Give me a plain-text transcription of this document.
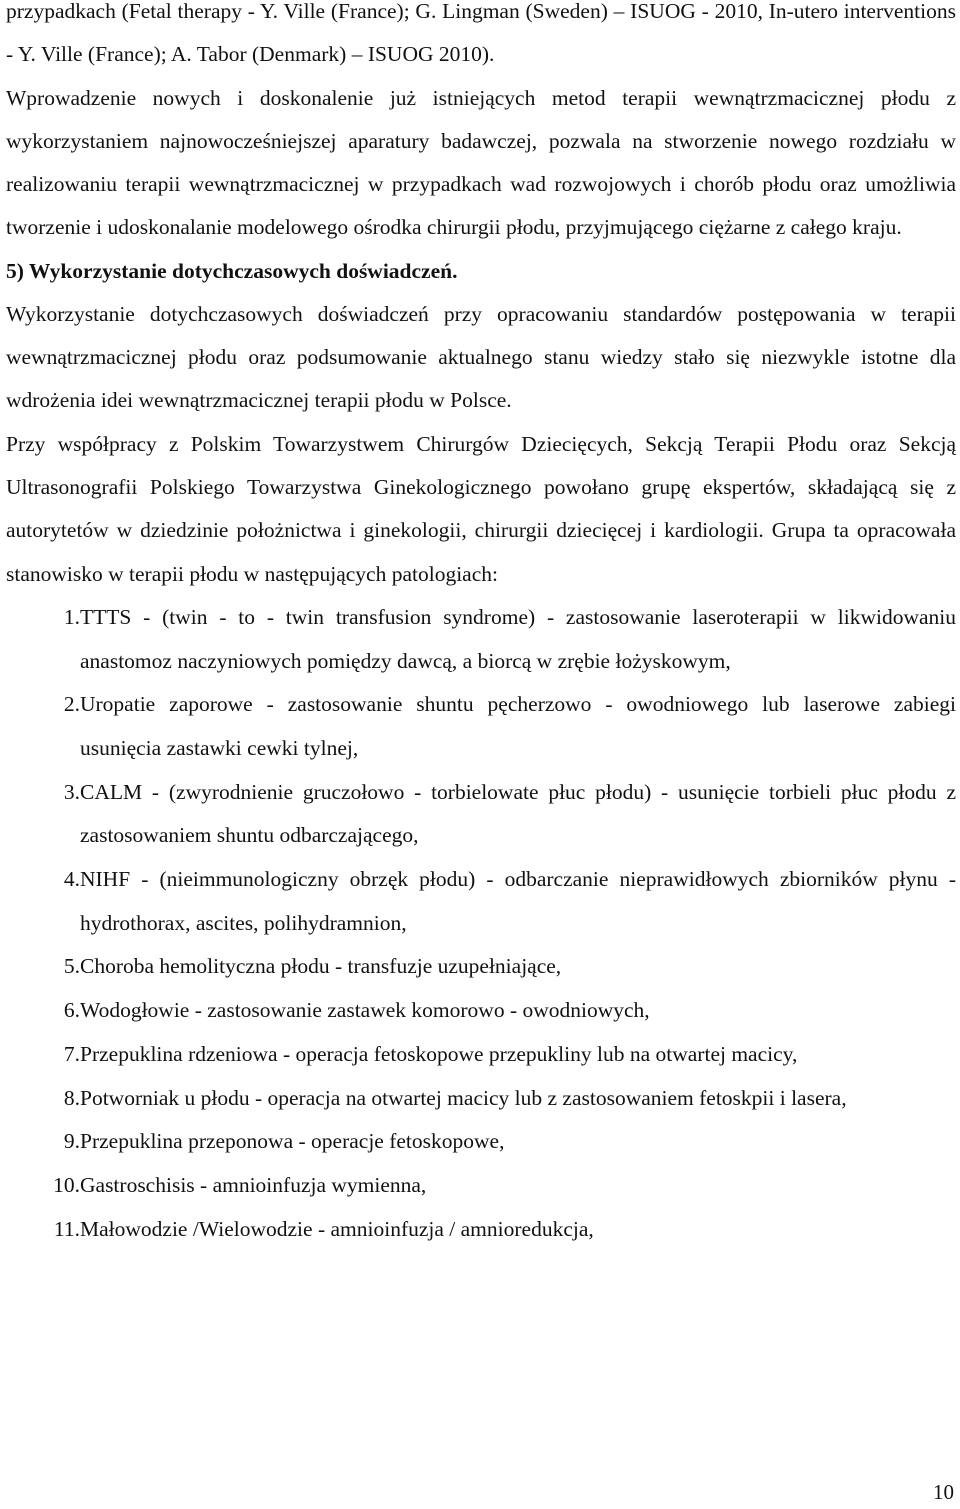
przypadkach (Fetal therapy - Y. Ville (France); G. Lingman (Sweden) – ISUOG - 2010, In-utero interventions - Y. Ville (France); A. Tabor (Denmark) – ISUOG 2010).

Wprowadzenie nowych i doskonalenie już istniejących metod terapii wewnątrzmacicznej płodu z wykorzystaniem najnowocześniejszej aparatury badawczej, pozwala na stworzenie nowego rozdziału w realizowaniu terapii wewnątrzmacicznej w przypadkach wad rozwojowych i chorób płodu oraz umożliwia tworzenie i udoskonalanie modelowego ośrodka chirurgii płodu, przyjmującego ciężarne z całego kraju.

5) Wykorzystanie dotychczasowych doświadczeń.

Wykorzystanie dotychczasowych doświadczeń przy opracowaniu standardów postępowania w terapii wewnątrzmacicznej płodu oraz podsumowanie aktualnego stanu wiedzy stało się niezwykle istotne dla wdrożenia idei wewnątrzmacicznej terapii płodu w Polsce.

Przy współpracy z Polskim Towarzystwem Chirurgów Dziecięcych, Sekcją Terapii Płodu oraz Sekcją Ultrasonografii Polskiego Towarzystwa Ginekologicznego powołano grupę ekspertów, składającą się z autorytetów w dziedzinie położnictwa i ginekologii, chirurgii dziecięcej i kardiologii. Grupa ta opracowała stanowisko w terapii płodu w następujących patologiach:

1. TTTS - (twin - to - twin transfusion syndrome) - zastosowanie laseroterapii w likwidowaniu anastomoz naczyniowych pomiędzy dawcą, a biorcą w zrębie łożyskowym,
2. Uropatie zaporowe - zastosowanie shuntu pęcherzowo - owodniowego lub laserowe zabiegi usunięcia zastawki cewki tylnej,
3. CALM - (zwyrodnienie gruczołowo - torbielowate płuc płodu) - usunięcie torbieli płuc płodu z zastosowaniem shuntu odbarczającego,
4. NIHF - (nieimmunologiczny obrzęk płodu) - odbarczanie nieprawidłowych zbiorników płynu - hydrothorax, ascites, polihydramnion,
5. Choroba hemolityczna płodu - transfuzje uzupełniające,
6. Wodogłowie - zastosowanie zastawek komorowo - owodniowych,
7. Przepuklina rdzeniowa - operacja fetoskopowe przepukliny lub na otwartej macicy,
8. Potworniak u płodu - operacja na otwartej macicy lub z zastosowaniem fetoskpii i lasera,
9. Przepuklina przeponowa - operacje fetoskopowe,
10. Gastroschisis - amnioinfuzja wymienna,
11. Małowodzie /Wielowodzie - amnioinfuzja / amnioredukcja,
10
